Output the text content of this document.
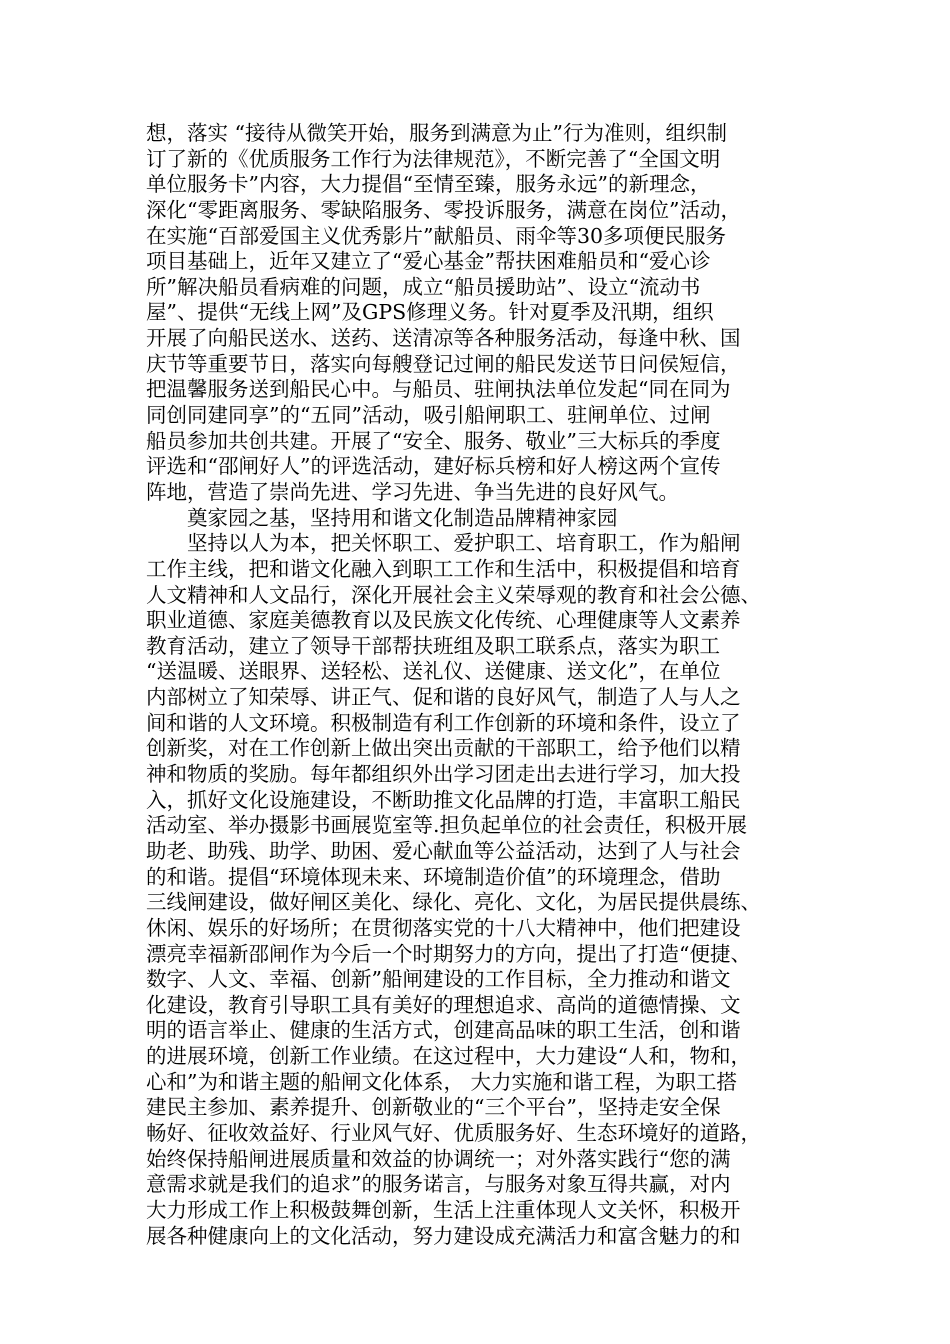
想，落实 “接待从微笑开始，服务到满意为止”行为准则，组织制
订了新的《优质服务工作行为法律规范》，不断完善了“全国文明
单位服务卡”内容，大力提倡“至情至臻，服务永远”的新理念，
深化“零距离服务、零缺陷服务、零投诉服务，满意在岗位”活动，
在实施“百部爱国主义优秀影片”献船员、雨伞等30多项便民服务
项目基础上，近年又建立了“爱心基金”帮扶困难船员和“爱心诊
所”解决船员看病难的问题，成立“船员援助站”、设立“流动书
屋”、提供“无线上网”及GPS修理义务。针对夏季及汛期，组织
开展了向船民送水、送药、送清凉等各种服务活动，每逢中秋、国
庆节等重要节日，落实向每艘登记过闸的船民发送节日问侯短信，
把温馨服务送到船民心中。与船员、驻闸执法单位发起“同在同为
同创同建同享”的“五同”活动，吸引船闸职工、驻闸单位、过闸
船员参加共创共建。开展了“安全、服务、敬业”三大标兵的季度
评选和“邵闸好人”的评选活动，建好标兵榜和好人榜这两个宣传
阵地，营造了崇尚先进、学习先进、争当先进的良好风气。
奠家园之基，坚持用和谐文化制造品牌精神家园
坚持以人为本，把关怀职工、爱护职工、培育职工，作为船闸
工作主线，把和谐文化融入到职工工作和生活中，积极提倡和培育
人文精神和人文品行，深化开展社会主义荣辱观的教育和社会公德、
职业道德、家庭美德教育以及民族文化传统、心理健康等人文素养
教育活动，建立了领导干部帮扶班组及职工联系点，落实为职工
“送温暖、送眼界、送轻松、送礼仪、送健康、送文化”，在单位
内部树立了知荣辱、讲正气、促和谐的良好风气，制造了人与人之
间和谐的人文环境。积极制造有利工作创新的环境和条件，设立了
创新奖，对在工作创新上做出突出贡献的干部职工，给予他们以精
神和物质的奖励。每年都组织外出学习团走出去进行学习，加大投
入，抓好文化设施建设，不断助推文化品牌的打造，丰富职工船民
活动室、举办摄影书画展览室等.担负起单位的社会责任，积极开展
助老、助残、助学、助困、爱心献血等公益活动，达到了人与社会
的和谐。提倡“环境体现未来、环境制造价值”的环境理念，借助
三线闸建设，做好闸区美化、绿化、亮化、文化，为居民提供晨练、
休闲、娱乐的好场所；在贯彻落实党的十八大精神中，他们把建设
漂亮幸福新邵闸作为今后一个时期努力的方向，提出了打造“便捷、
数字、人文、幸福、创新”船闸建设的工作目标，全力推动和谐文
化建设，教育引导职工具有美好的理想追求、高尚的道德情操、文
明的语言举止、健康的生活方式，创建高品味的职工生活，创和谐
的进展环境，创新工作业绩。在这过程中，大力建设“人和，物和，
心和”为和谐主题的船闸文化体系， 大力实施和谐工程，为职工搭
建民主参加、素养提升、创新敬业的“三个平台”，坚持走安全保
畅好、征收效益好、行业风气好、优质服务好、生态环境好的道路，
始终保持船闸进展质量和效益的协调统一；对外落实践行“您的满
意需求就是我们的追求”的服务诺言，与服务对象互得共赢，对内
大力形成工作上积极鼓舞创新，生活上注重体现人文关怀，积极开
展各种健康向上的文化活动，努力建设成充满活力和富含魅力的和
